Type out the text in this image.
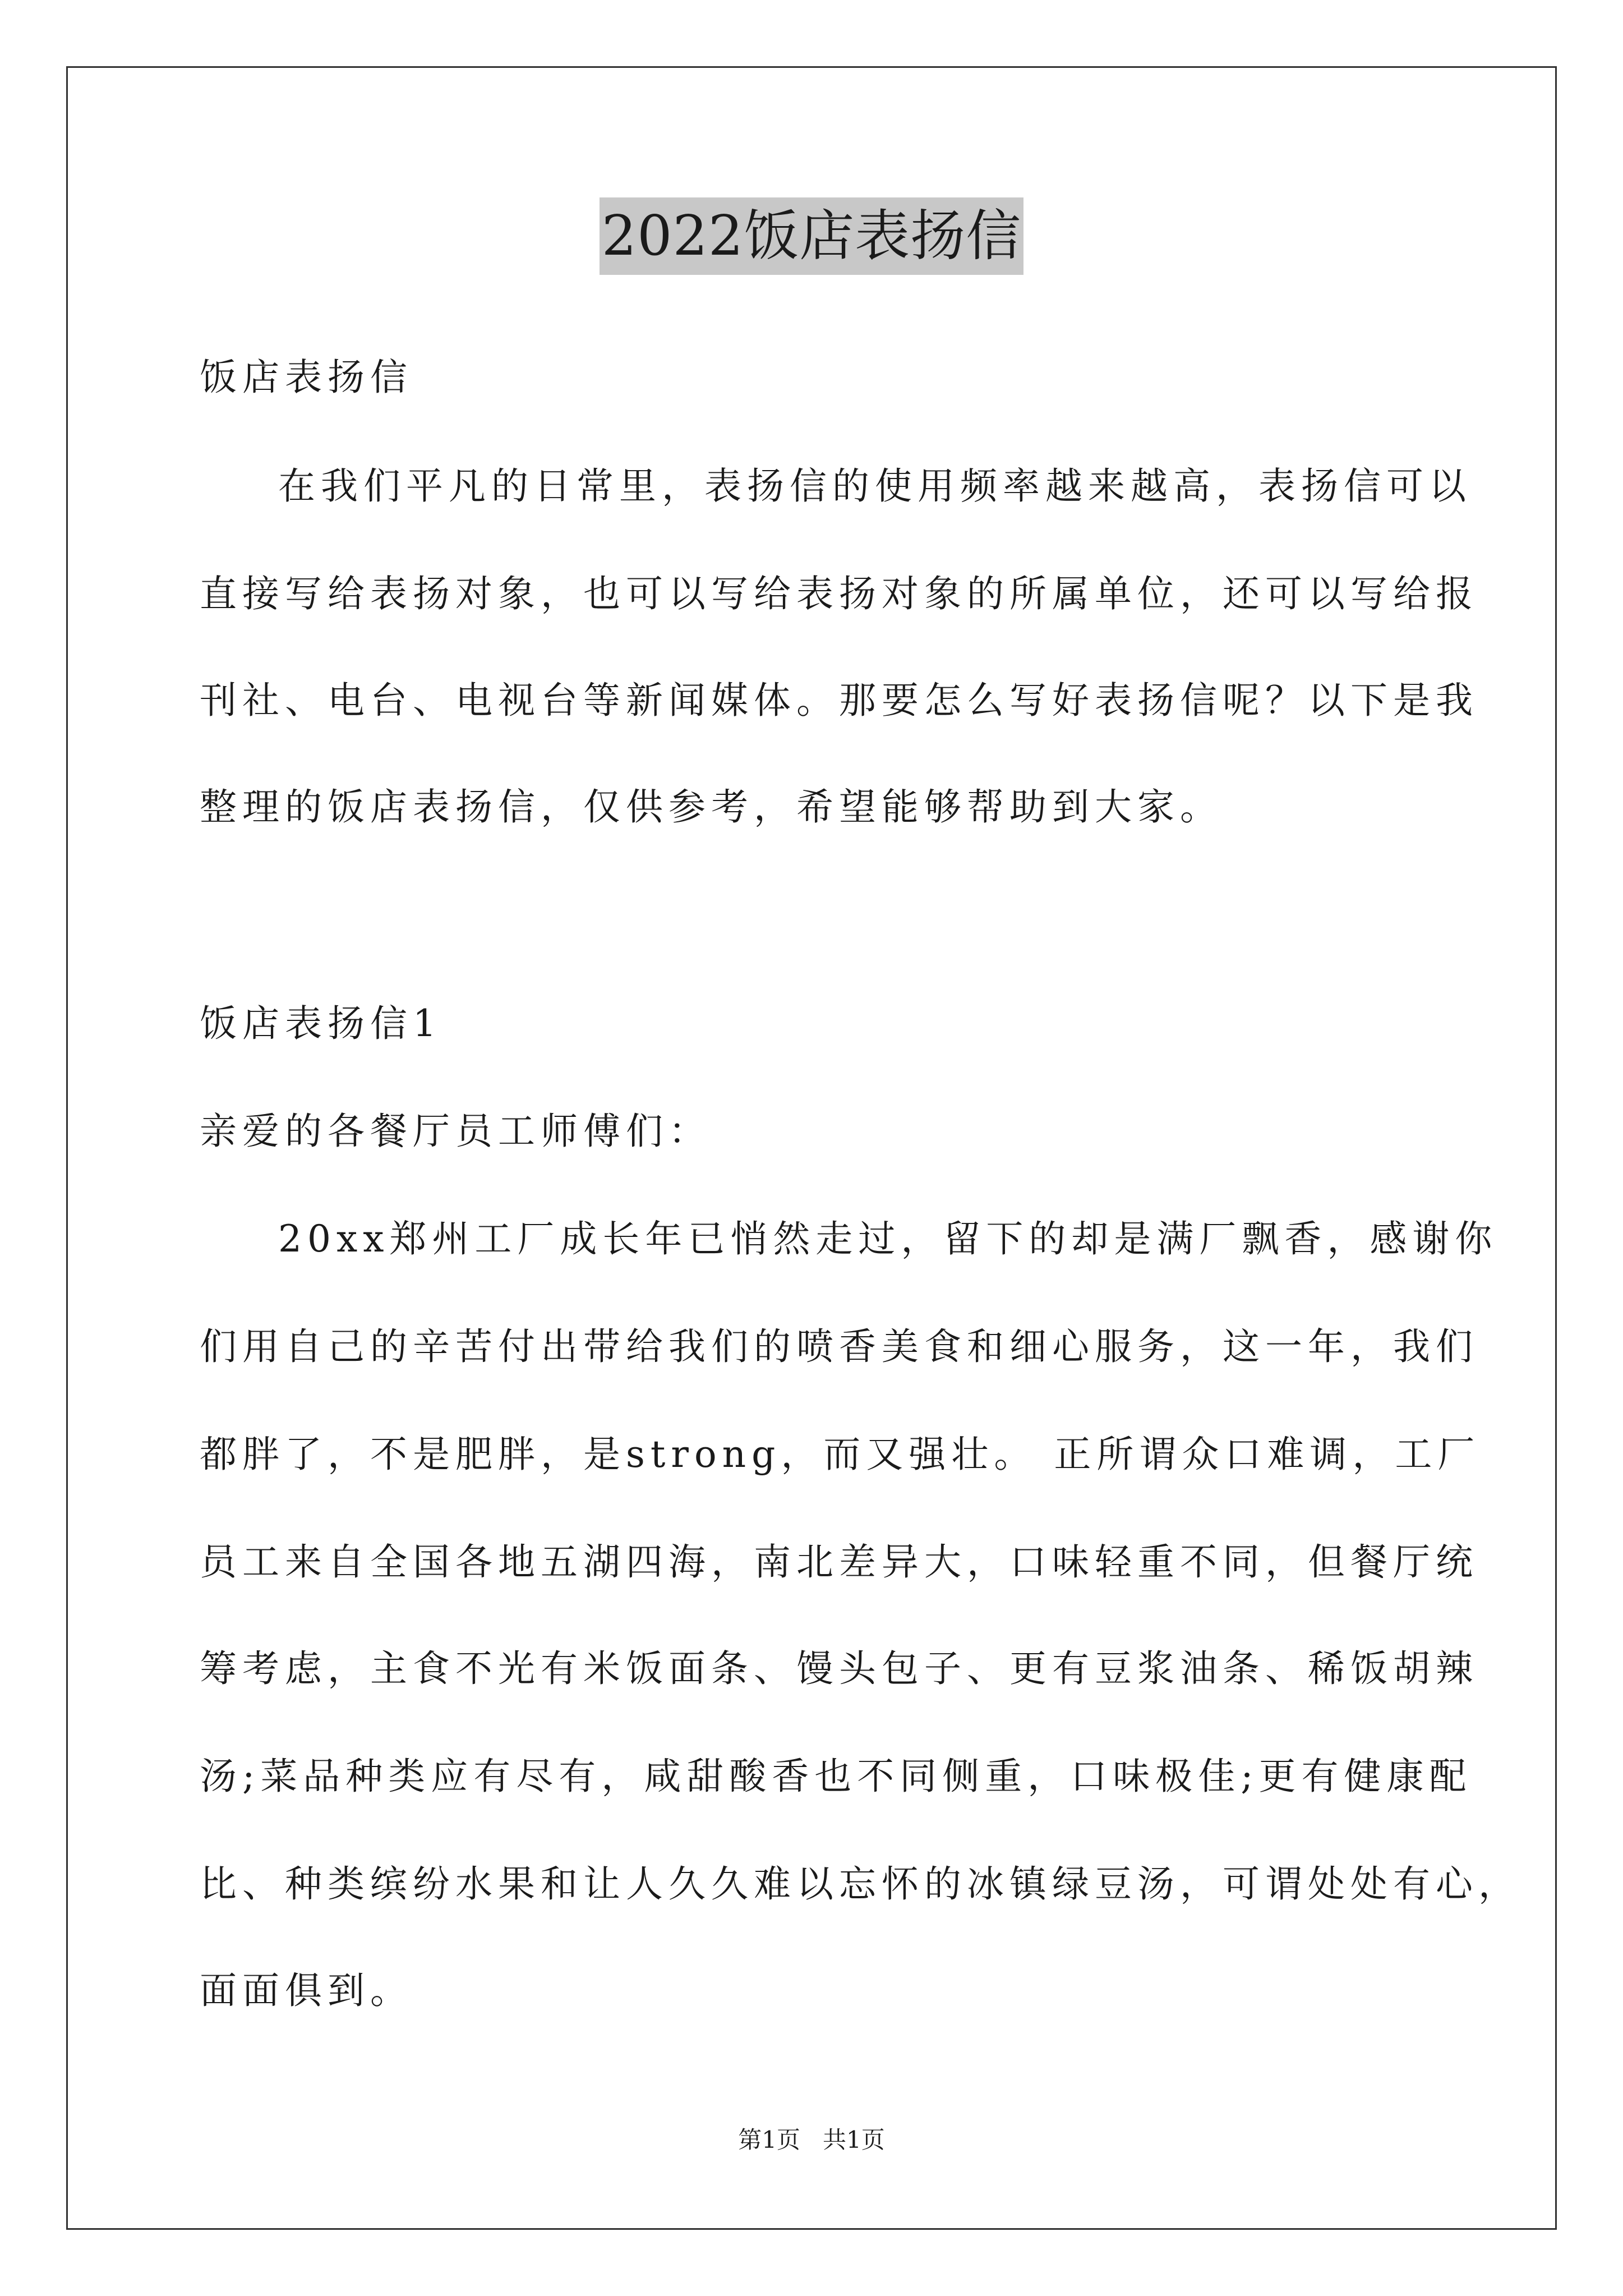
2022饭店表扬信
饭店表扬信
在我们平凡的日常里，表扬信的使用频率越来越高，表扬信可以
直接写给表扬对象，也可以写给表扬对象的所属单位，还可以写给报
刊社、电台、电视台等新闻媒体。那要怎么写好表扬信呢？以下是我
整理的饭店表扬信，仅供参考，希望能够帮助到大家。
饭店表扬信1
亲爱的各餐厅员工师傅们：
20xx郑州工厂成长年已悄然走过，留下的却是满厂飘香，感谢你
们用自己的辛苦付出带给我们的喷香美食和细心服务，这一年，我们
都胖了，不是肥胖，是strong，而又强壮。 正所谓众口难调，工厂
员工来自全国各地五湖四海，南北差异大，口味轻重不同，但餐厅统
筹考虑，主食不光有米饭面条、馒头包子、更有豆浆油条、稀饭胡辣
汤;菜品种类应有尽有，咸甜酸香也不同侧重，口味极佳;更有健康配
比、种类缤纷水果和让人久久难以忘怀的冰镇绿豆汤，可谓处处有心，
面面俱到。
第1页   共1页
